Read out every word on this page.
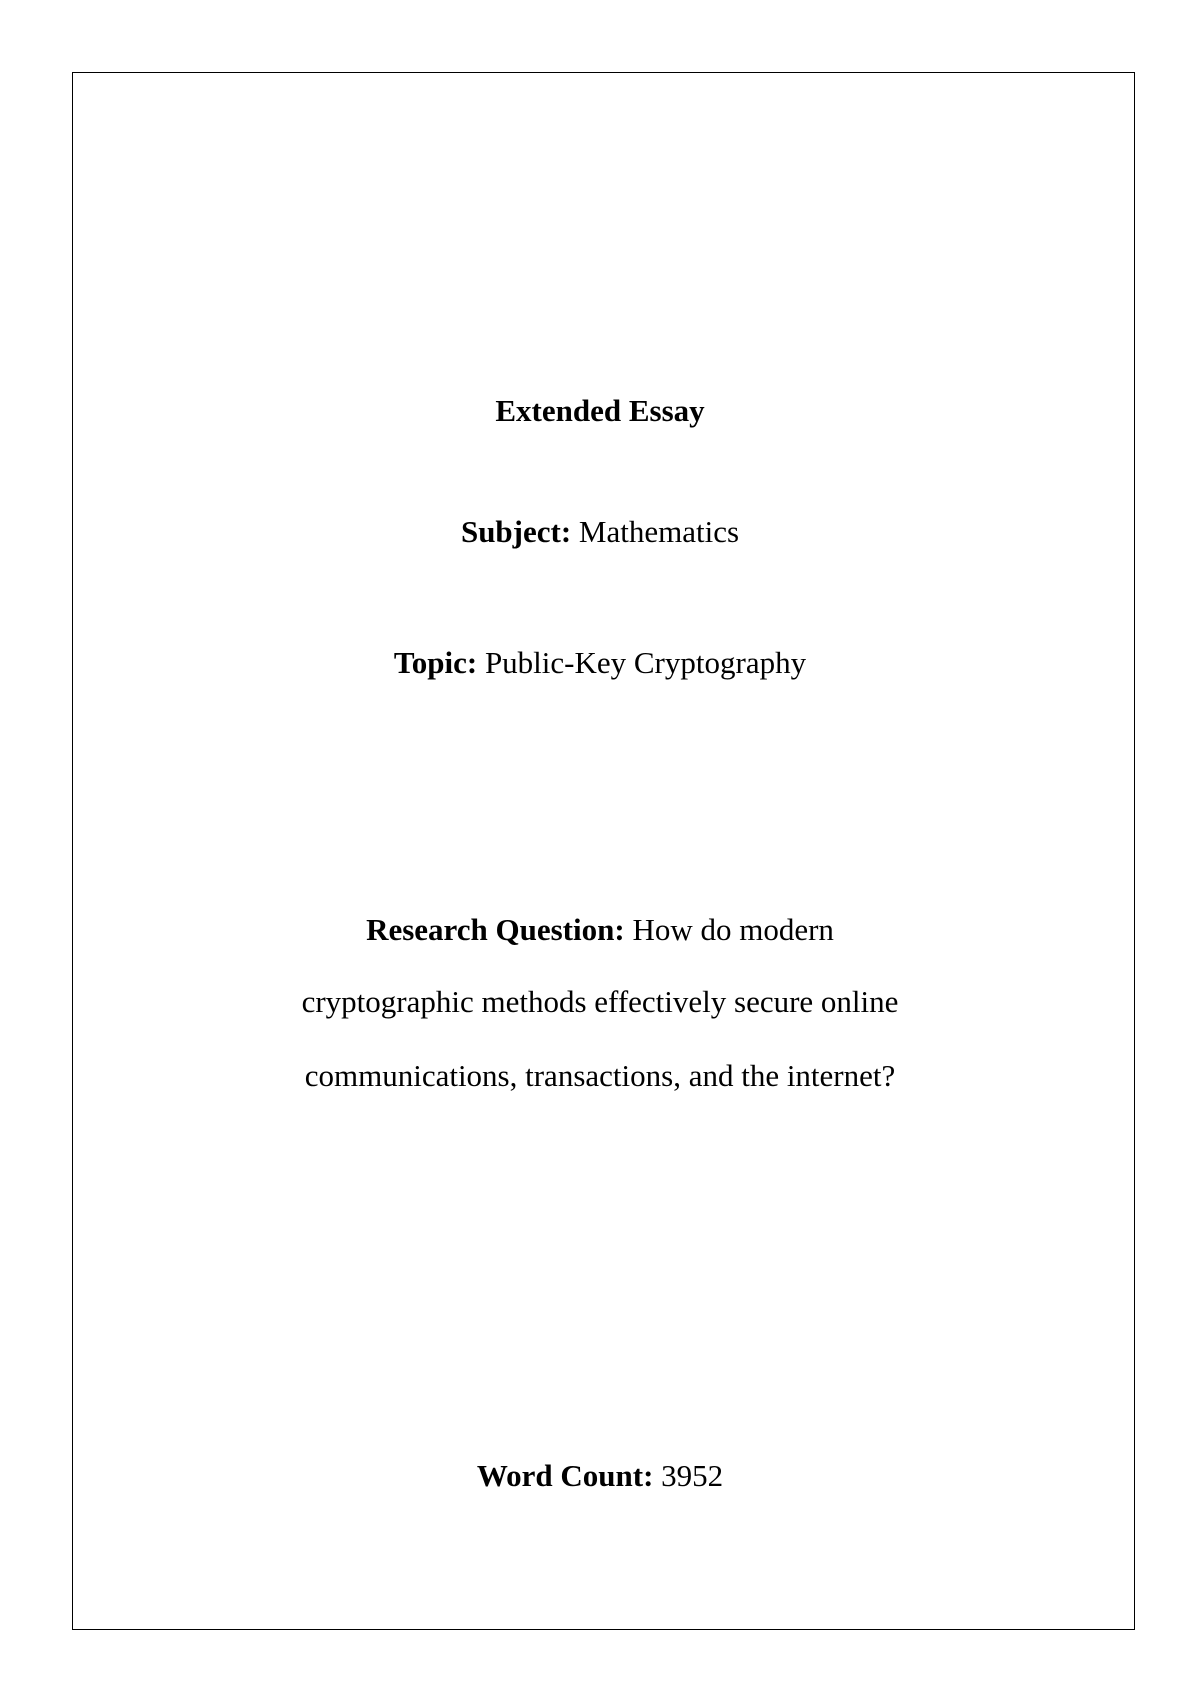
Extended Essay
Subject: Mathematics
Topic: Public-Key Cryptography
Research Question: How do modern
cryptographic methods effectively secure online
communications, transactions, and the internet?
Word Count: 3952
